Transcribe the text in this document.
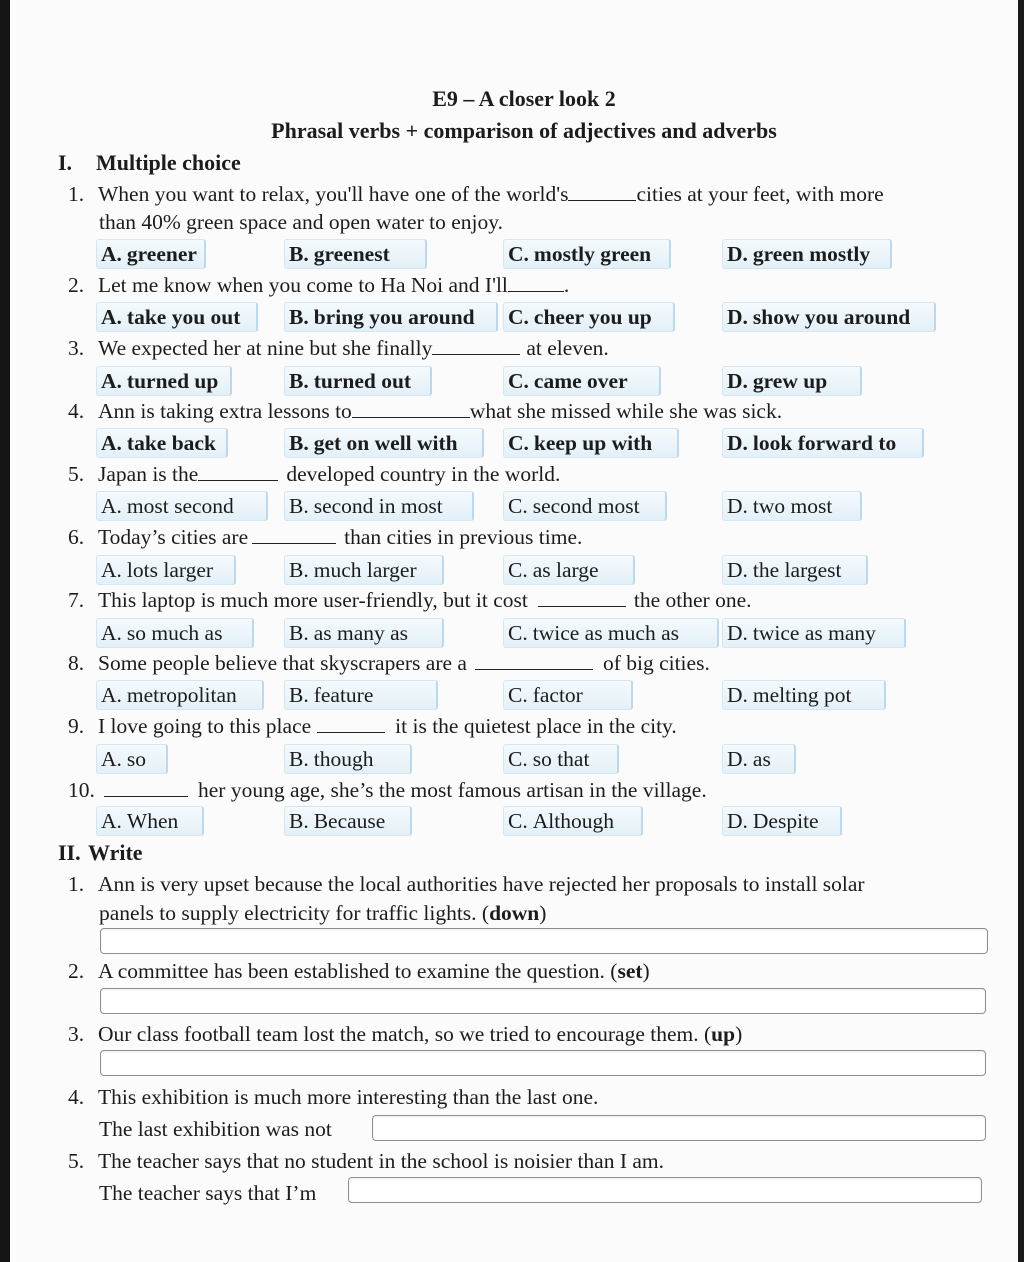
E9 – A closer look 2
Phrasal verbs + comparison of adjectives and adverbs
I. Multiple choice
1. When you want to relax, you'll have one of the world's	cities at your feet, with more
than 40% green space and open water to enjoy.
A. greener	B. greenest	C. mostly green	D. green mostly
2. Let me know when you come to Ha Noi and I'll	.
A. take you out	B. bring you around	C. cheer you up	D. show you around
3. We expected her at nine but she finally	at eleven.
A. turned up	B. turned out	C. came over	D. grew up
4. Ann is taking extra lessons to	what she missed while she was sick.
A. take back	B. get on well with	C. keep up with	D. look forward to
5. Japan is the	developed country in the world.
A. most second	B. second in most	C. second most	D. two most
6. Today’s cities are	than cities in previous time.
A. lots larger	B. much larger	C. as large	D. the largest
7. This laptop is much more user-friendly, but it cost	the other one.
A. so much as	B. as many as	C. twice as much as	D. twice as many
8. Some people believe that skyscrapers are a	of big cities.
A. metropolitan	B. feature	C. factor	D. melting pot
9. I love going to this place	it is the quietest place in the city.
A. so	B. though	C. so that	D. as
10.	her young age, she’s the most famous artisan in the village.
A. When	B. Because	C. Although	D. Despite
II. Write
1. Ann is very upset because the local authorities have rejected her proposals to install solar
panels to supply electricity for traffic lights. (down)
2. A committee has been established to examine the question. (set)
3. Our class football team lost the match, so we tried to encourage them. (up)
4. This exhibition is much more interesting than the last one.
The last exhibition was not
5. The teacher says that no student in the school is noisier than I am.
The teacher says that I’m
